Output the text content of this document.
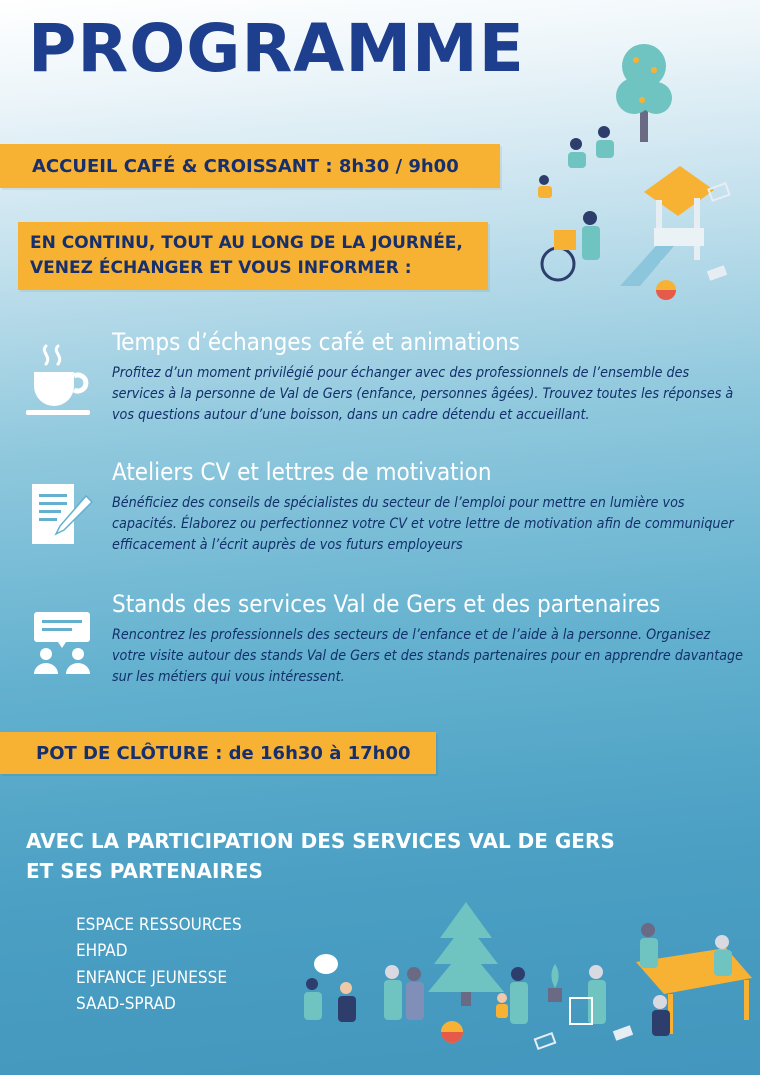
PROGRAMME
ACCUEIL CAFÉ & CROISSANT : 8h30 / 9h00
EN CONTINU, TOUT AU LONG DE LA JOURNÉE,
VENEZ ÉCHANGER ET VOUS INFORMER :
Temps d’échanges café et animations
Profitez d’un moment privilégié pour échanger avec des professionnels de l’ensemble des services à la personne de Val de Gers (enfance, personnes âgées). Trouvez toutes les réponses à vos questions autour d’une boisson, dans un cadre détendu et accueillant.
Ateliers CV et lettres de motivation
Bénéficiez des conseils de spécialistes du secteur de l’emploi pour mettre en lumière vos capacités. Élaborez ou perfectionnez votre CV et votre lettre de motivation afin de communiquer efficacement à l’écrit auprès de vos futurs employeurs
Stands des services Val de Gers et des partenaires
Rencontrez les professionnels des secteurs de l’enfance et de l’aide à la personne. Organisez votre visite autour des stands Val de Gers et des stands partenaires pour en apprendre davantage sur les métiers qui vous intéressent.
POT DE CLÔTURE : de 16h30 à 17h00
AVEC LA PARTICIPATION DES SERVICES VAL DE GERS
ET SES PARTENAIRES
ESPACE RESSOURCES
EHPAD
ENFANCE JEUNESSE
SAAD-SPRAD
